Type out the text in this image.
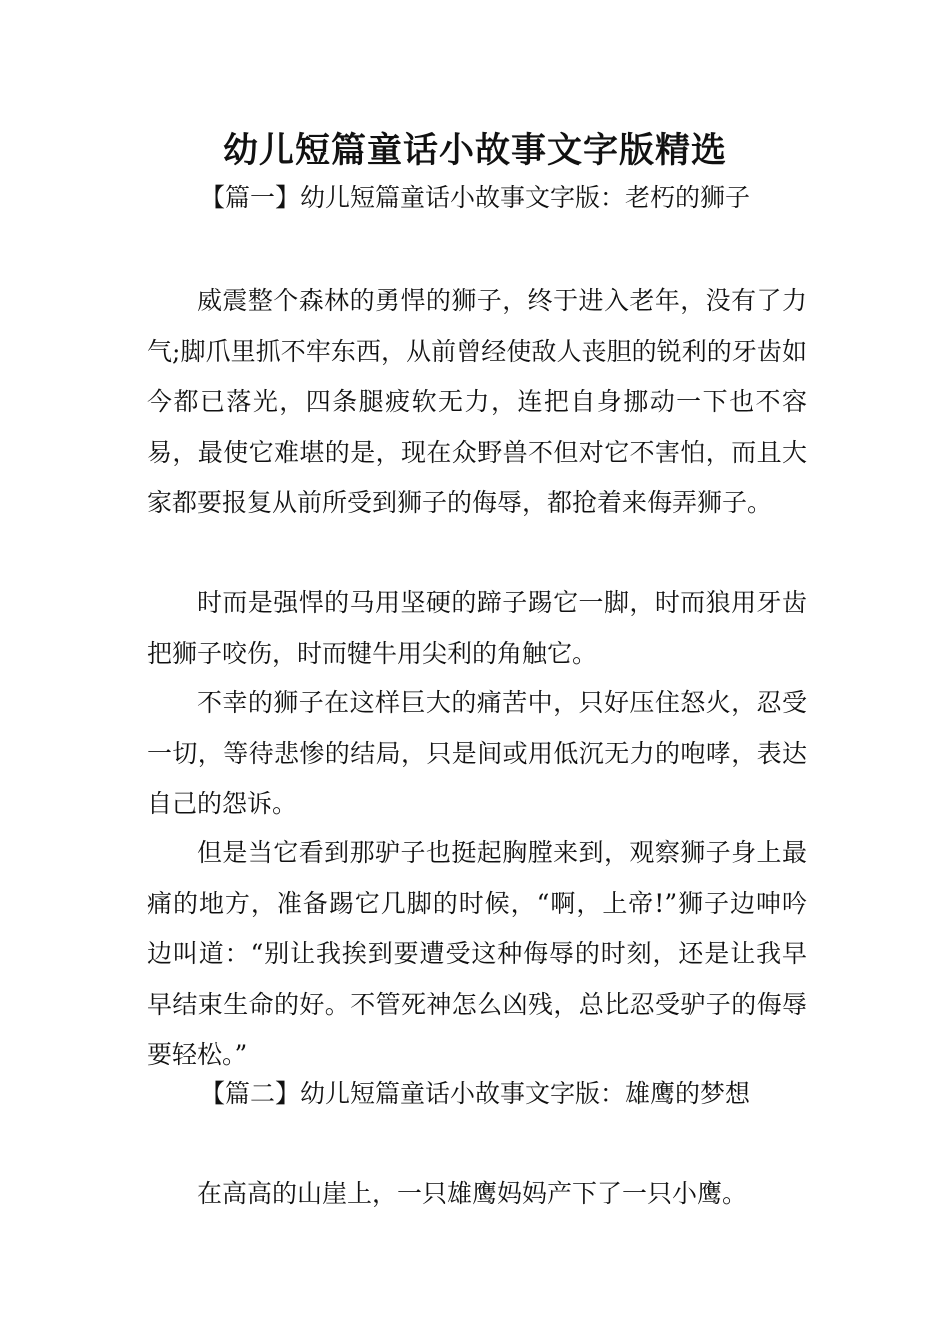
幼儿短篇童话小故事文字版精选
【篇一】幼儿短篇童话小故事文字版：老朽的狮子

威震整个森林的勇悍的狮子，终于进入老年，没有了力气;脚爪里抓不牢东西，从前曾经使敌人丧胆的锐利的牙齿如今都已落光，四条腿疲软无力，连把自身挪动一下也不容易，最使它难堪的是，现在众野兽不但对它不害怕，而且大家都要报复从前所受到狮子的侮辱，都抢着来侮弄狮子。

时而是强悍的马用坚硬的蹄子踢它一脚，时而狼用牙齿把狮子咬伤，时而犍牛用尖利的角触它。

不幸的狮子在这样巨大的痛苦中，只好压住怒火，忍受一切，等待悲惨的结局，只是间或用低沉无力的咆哮，表达自己的怨诉。

但是当它看到那驴子也挺起胸膛来到，观察狮子身上最痛的地方，准备踢它几脚的时候，“啊，上帝!”狮子边呻吟边叫道：“别让我挨到要遭受这种侮辱的时刻，还是让我早早结束生命的好。不管死神怎么凶残，总比忍受驴子的侮辱要轻松。”

【篇二】幼儿短篇童话小故事文字版：雄鹰的梦想

在高高的山崖上，一只雄鹰妈妈产下了一只小鹰。
